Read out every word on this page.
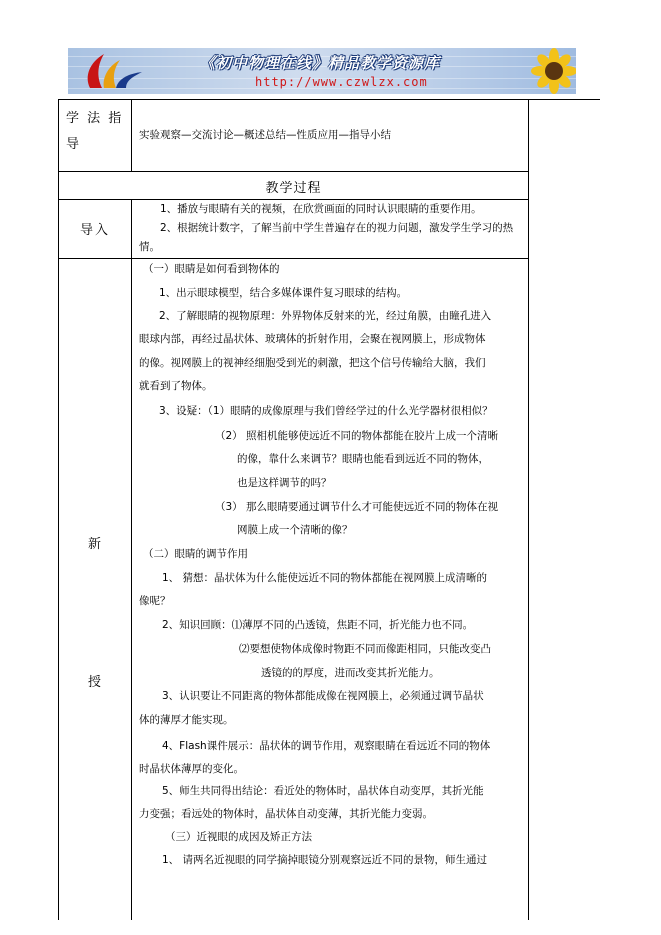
《初中物理在线》精品教学资源库
http://www.czwlzx.com

学 法 指

导

实验观察—交流讨论—概述总结—性质应用—指导小结
教学过程
导入

1、播放与眼睛有关的视频，在欣赏画面的同时认识眼睛的重要作用。

2、根据统计数字，了解当前中学生普遍存在的视力问题，激发学生学习的热情。

新
授
（一）眼睛是如何看到物体的
1、出示眼球模型，结合多媒体课件复习眼球的结构。
2、了解眼睛的视物原理：外界物体反射来的光，经过角膜，由瞳孔进入
眼球内部，再经过晶状体、玻璃体的折射作用，会聚在视网膜上，形成物体
的像。视网膜上的视神经细胞受到光的刺激，把这个信号传输给大脑，我们
就看到了物体。
3、设疑：（1）眼睛的成像原理与我们曾经学过的什么光学器材很相似？
（2） 照相机能够使远近不同的物体都能在胶片上成一个清晰
的像，靠什么来调节？眼睛也能看到远近不同的物体，
也是这样调节的吗？
（3） 那么眼睛要通过调节什么才可能使远近不同的物体在视
网膜上成一个清晰的像？
（二）眼睛的调节作用
1、 猜想：晶状体为什么能使远近不同的物体都能在视网膜上成清晰的
像呢？
2、知识回顾：⑴薄厚不同的凸透镜，焦距不同，折光能力也不同。
⑵要想使物体成像时物距不同而像距相同，只能改变凸
透镜的的厚度，进而改变其折光能力。
3、认识要让不同距离的物体都能成像在视网膜上，必须通过调节晶状
体的薄厚才能实现。
4、Flash课件展示：晶状体的调节作用，观察眼睛在看远近不同的物体
时晶状体薄厚的变化。
5、师生共同得出结论：看近处的物体时，晶状体自动变厚，其折光能
力变强；看远处的物体时，晶状体自动变薄，其折光能力变弱。
（三）近视眼的成因及矫正方法
1、 请两名近视眼的同学摘掉眼镜分别观察远近不同的景物，师生通过
